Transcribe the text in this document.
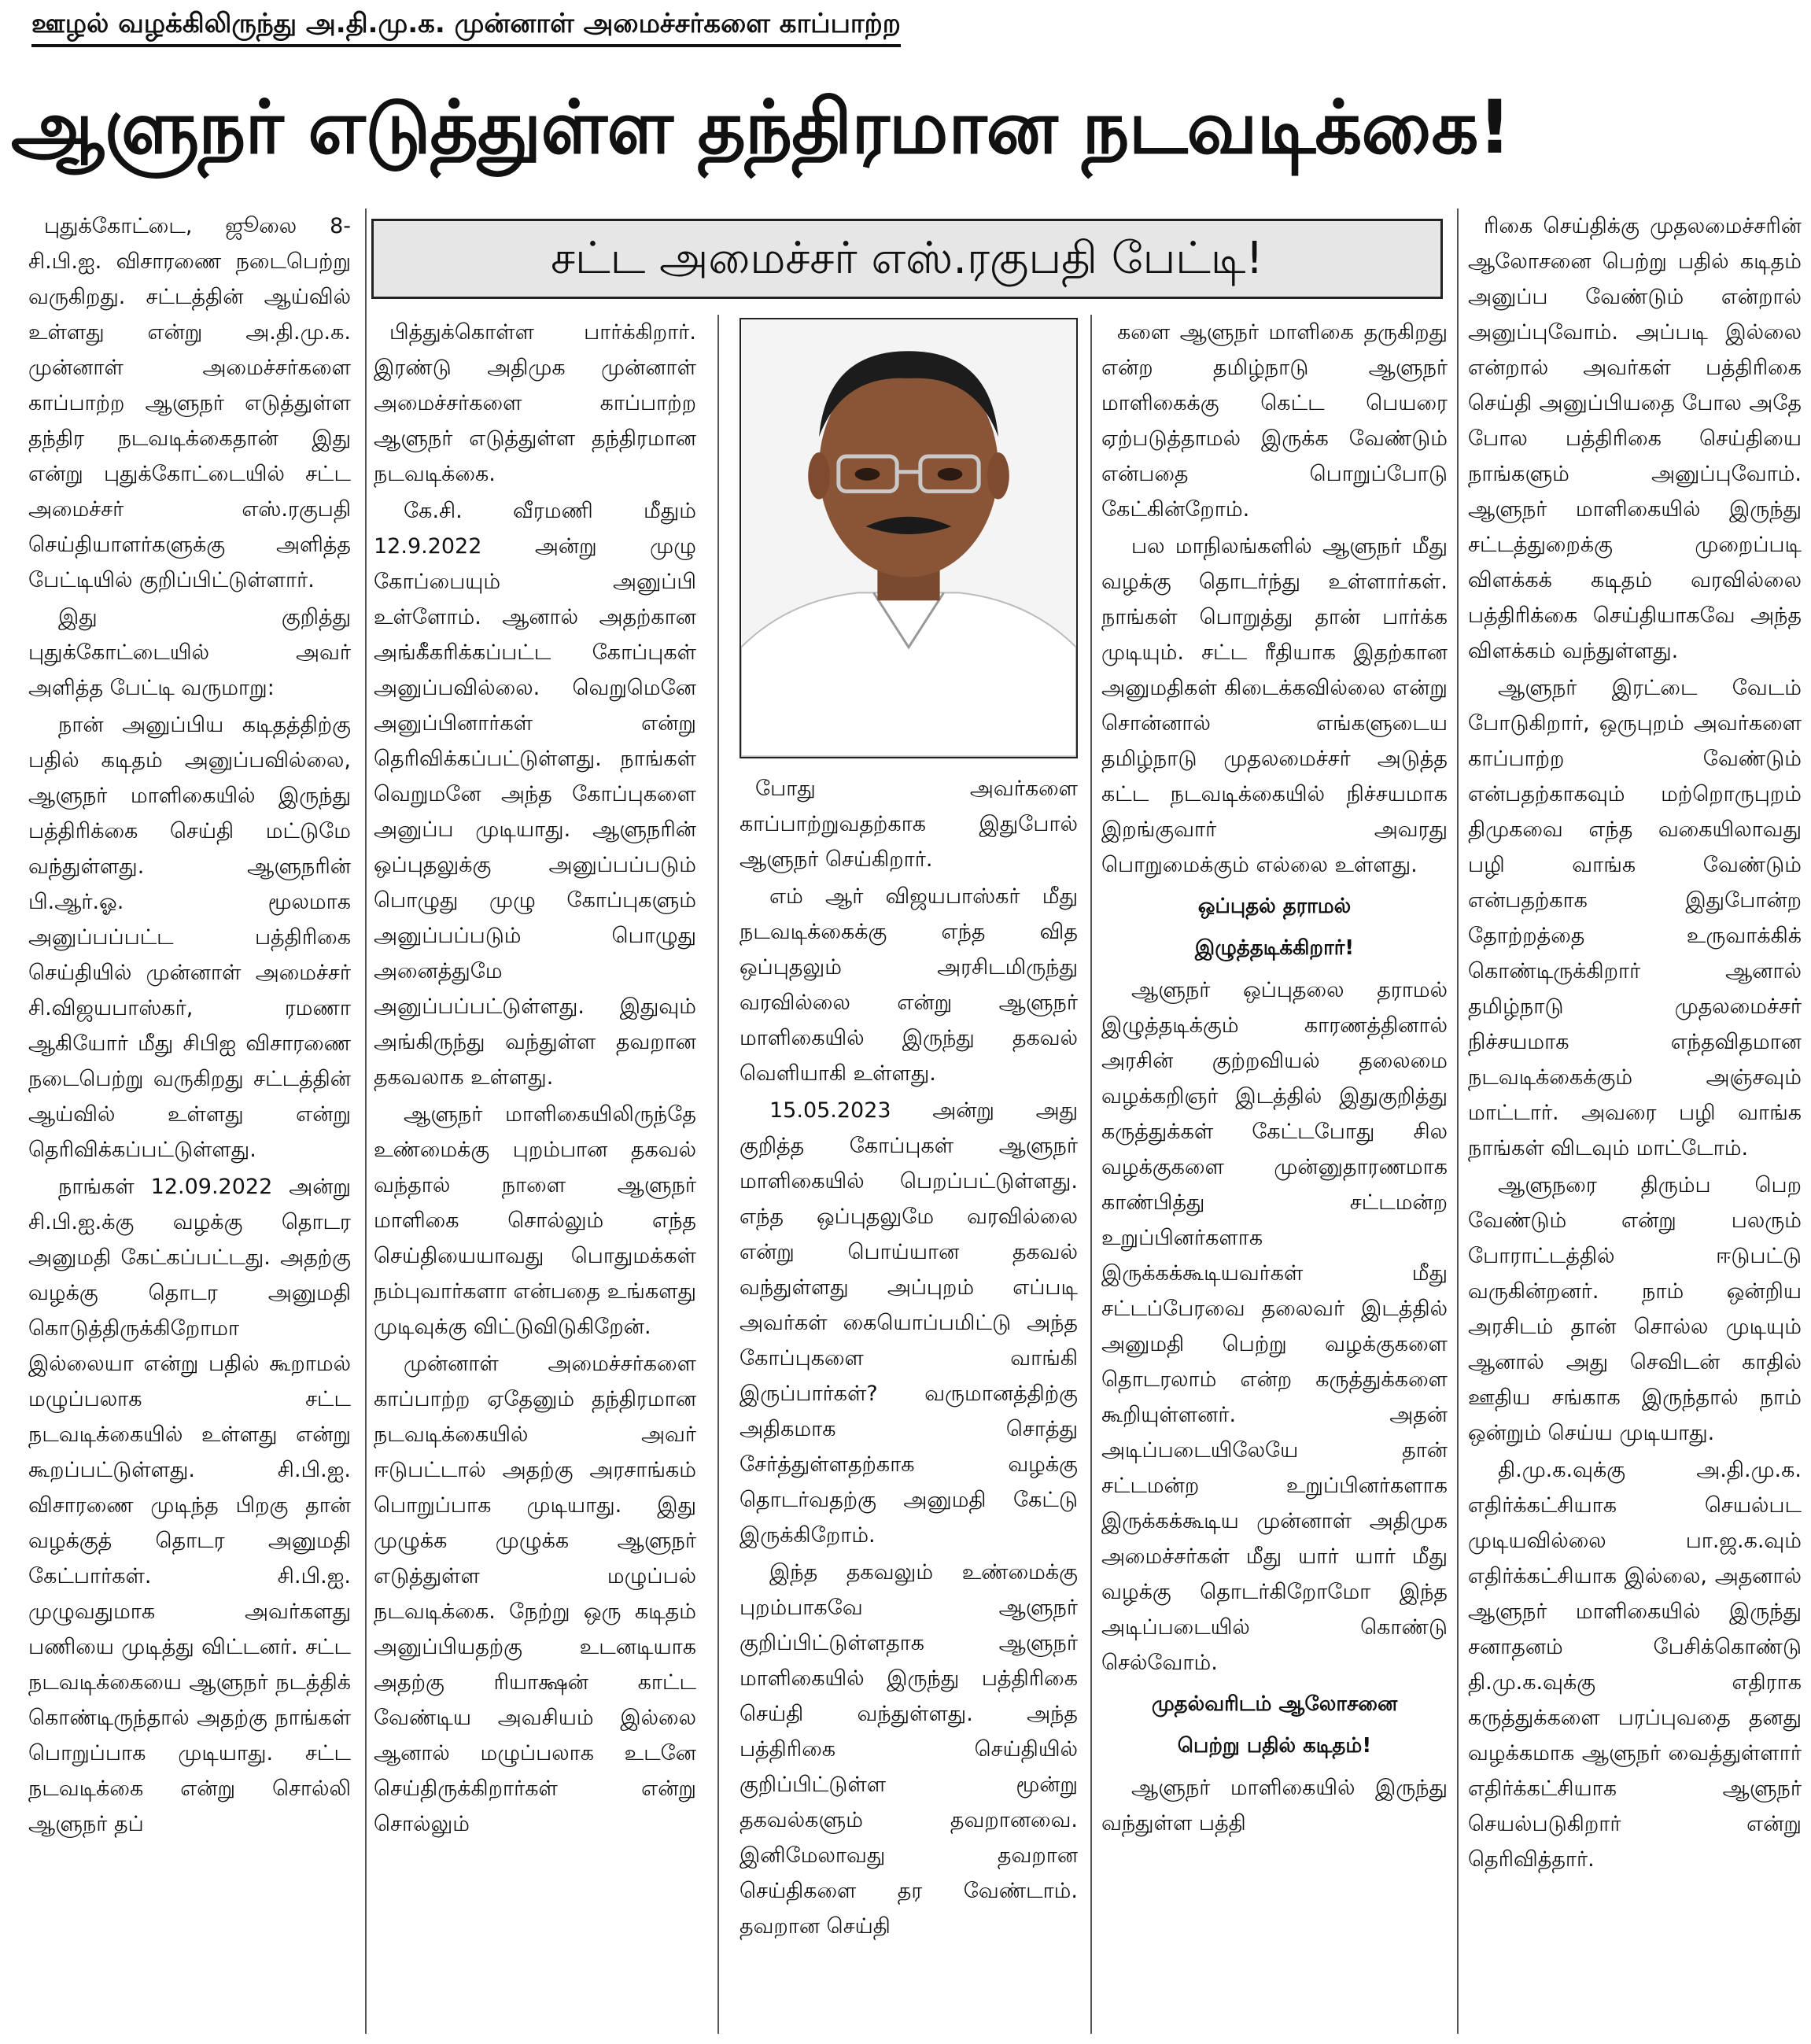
ஊழல் வழக்கிலிருந்து அ.தி.மு.க. முன்னாள் அமைச்சர்களை காப்பாற்ற
ஆளுநர் எடுத்துள்ள தந்திரமான நடவடிக்கை!
சட்ட அமைச்சர் எஸ்.ரகுபதி பேட்டி!

புதுக்கோட்டை, ஜூலை 8- சி.பி.ஐ. விசாரணை நடைபெற்று வருகிறது. சட்டத்தின் ஆய்வில் உள்ளது என்று அ.தி.மு.க. முன்னாள் அமைச்சர்களை காப்பாற்ற ஆளுநர் எடுத்துள்ள தந்திர நடவடிக்கைதான் இது என்று புதுக்கோட்டையில் சட்ட அமைச்சர் எஸ்.ரகுபதி செய்தியாளர்களுக்கு அளித்த பேட்டியில் குறிப்பிட்டுள்ளார்.

இது குறித்து புதுக்கோட்டையில் அவர் அளித்த பேட்டி வருமாறு:

நான் அனுப்பிய கடிதத்திற்கு பதில் கடிதம் அனுப்பவில்லை, ஆளுநர் மாளிகையில் இருந்து பத்திரிக்கை செய்தி மட்டுமே வந்துள்ளது. ஆளுநரின் பி.ஆர்.ஓ. மூலமாக அனுப்பப்பட்ட பத்திரிகை செய்தியில் முன்னாள் அமைச்சர் சி.விஜயபாஸ்கர், ரமணா ஆகியோர் மீது சிபிஐ விசாரணை நடைபெற்று வருகிறது சட்டத்தின் ஆய்வில் உள்ளது என்று தெரிவிக்கப்பட்டுள்ளது.

நாங்கள் 12.09.2022 அன்று சி.பி.ஐ.க்கு வழக்கு தொடர அனுமதி கேட்கப்பட்டது. அதற்கு வழக்கு தொடர அனுமதி கொடுத்திருக்கிறோமா இல்லையா என்று பதில் கூறாமல் மழுப்பலாக சட்ட நடவடிக்கையில் உள்ளது என்று கூறப்பட்டுள்ளது. சி.பி.ஐ. விசாரணை முடிந்த பிறகு தான் வழக்குத் தொடர அனுமதி கேட்பார்கள். சி.பி.ஐ. முழுவதுமாக அவர்களது பணியை முடித்து விட்டனர். சட்ட நடவடிக்கையை ஆளுநர் நடத்திக் கொண்டிருந்தால் அதற்கு நாங்கள் பொறுப்பாக முடியாது. சட்ட நடவடிக்கை என்று சொல்லி ஆளுநர் தப்

பித்துக்கொள்ள பார்க்கிறார். இரண்டு அதிமுக முன்னாள் அமைச்சர்களை காப்பாற்ற ஆளுநர் எடுத்துள்ள தந்திரமான நடவடிக்கை.

கே.சி. வீரமணி மீதும் 12.9.2022 அன்று முழு கோப்பையும் அனுப்பி உள்ளோம். ஆனால் அதற்கான அங்கீகரிக்கப்பட்ட கோப்புகள் அனுப்பவில்லை. வெறுமெனே அனுப்பினார்கள் என்று தெரிவிக்கப்பட்டுள்ளது. நாங்கள் வெறுமனே அந்த கோப்புகளை அனுப்ப முடியாது. ஆளுநரின் ஒப்புதலுக்கு அனுப்பப்படும் பொழுது முழு கோப்புகளும் அனுப்பப்படும் பொழுது அனைத்துமே அனுப்பப்பட்டுள்ளது. இதுவும் அங்கிருந்து வந்துள்ள தவறான தகவலாக உள்ளது.

ஆளுநர் மாளிகையிலிருந்தே உண்மைக்கு புறம்பான தகவல் வந்தால் நாளை ஆளுநர் மாளிகை சொல்லும் எந்த செய்தியையாவது பொதுமக்கள் நம்புவார்களா என்பதை உங்களது முடிவுக்கு விட்டுவிடுகிறேன்.

முன்னாள் அமைச்சர்களை காப்பாற்ற ஏதேனும் தந்திரமான நடவடிக்கையில் அவர் ஈடுபட்டால் அதற்கு அரசாங்கம் பொறுப்பாக முடியாது. இது முழுக்க முழுக்க ஆளுநர் எடுத்துள்ள மழுப்பல் நடவடிக்கை. நேற்று ஒரு கடிதம் அனுப்பியதற்கு உடனடியாக அதற்கு ரியாக்ஷன் காட்ட வேண்டிய அவசியம் இல்லை ஆனால் மழுப்பலாக உடனே செய்திருக்கிறார்கள் என்று சொல்லும்

போது அவர்களை காப்பாற்றுவதற்காக இதுபோல் ஆளுநர் செய்கிறார்.

எம் ஆர் விஜயபாஸ்கர் மீது நடவடிக்கைக்கு எந்த வித ஒப்புதலும் அரசிடமிருந்து வரவில்லை என்று ஆளுநர் மாளிகையில் இருந்து தகவல் வெளியாகி உள்ளது.

15.05.2023 அன்று அது குறித்த கோப்புகள் ஆளுநர் மாளிகையில் பெறப்பட்டுள்ளது. எந்த ஒப்புதலுமே வரவில்லை என்று பொய்யான தகவல் வந்துள்ளது அப்புறம் எப்படி அவர்கள் கையொப்பமிட்டு அந்த கோப்புகளை வாங்கி இருப்பார்கள்? வருமானத்திற்கு அதிகமாக சொத்து சேர்த்துள்ளதற்காக வழக்கு தொடர்வதற்கு அனுமதி கேட்டு இருக்கிறோம்.

இந்த தகவலும் உண்மைக்கு புறம்பாகவே ஆளுநர் குறிப்பிட்டுள்ளதாக ஆளுநர் மாளிகையில் இருந்து பத்திரிகை செய்தி வந்துள்ளது. அந்த பத்திரிகை செய்தியில் குறிப்பிட்டுள்ள மூன்று தகவல்களும் தவறானவை. இனிமேலாவது தவறான செய்திகளை தர வேண்டாம். தவறான செய்தி

களை ஆளுநர் மாளிகை தருகிறது என்ற தமிழ்நாடு ஆளுநர் மாளிகைக்கு கெட்ட பெயரை ஏற்படுத்தாமல் இருக்க வேண்டும் என்பதை பொறுப்போடு கேட்கின்றோம்.

பல மாநிலங்களில் ஆளுநர் மீது வழக்கு தொடர்ந்து உள்ளார்கள். நாங்கள் பொறுத்து தான் பார்க்க முடியும். சட்ட ரீதியாக இதற்கான அனுமதிகள் கிடைக்கவில்லை என்று சொன்னால் எங்களுடைய தமிழ்நாடு முதலமைச்சர் அடுத்த கட்ட நடவடிக்கையில் நிச்சயமாக இறங்குவார் அவரது பொறுமைக்கும் எல்லை உள்ளது.

ஒப்புதல் தராமல்

இழுத்தடிக்கிறார்!

ஆளுநர் ஒப்புதலை தராமல் இழுத்தடிக்கும் காரணத்தினால் அரசின் குற்றவியல் தலைமை வழக்கறிஞர் இடத்தில் இதுகுறித்து கருத்துக்கள் கேட்டபோது சில வழக்குகளை முன்னுதாரணமாக காண்பித்து சட்டமன்ற உறுப்பினர்களாக இருக்கக்கூடியவர்கள் மீது சட்டப்பேரவை தலைவர் இடத்தில் அனுமதி பெற்று வழக்குகளை தொடரலாம் என்ற கருத்துக்களை கூறியுள்ளனர். அதன் அடிப்படையிலேயே தான் சட்டமன்ற உறுப்பினர்களாக இருக்கக்கூடிய முன்னாள் அதிமுக அமைச்சர்கள் மீது யார் யார் மீது வழக்கு தொடர்கிறோமோ இந்த அடிப்படையில் கொண்டு செல்வோம்.

முதல்வரிடம் ஆலோசனை

பெற்று பதில் கடிதம்!

ஆளுநர் மாளிகையில் இருந்து வந்துள்ள பத்தி

ரிகை செய்திக்கு முதலமைச்சரின் ஆலோசனை பெற்று பதில் கடிதம் அனுப்ப வேண்டும் என்றால் அனுப்புவோம். அப்படி இல்லை என்றால் அவர்கள் பத்திரிகை செய்தி அனுப்பியதை போல அதே போல பத்திரிகை செய்தியை நாங்களும் அனுப்புவோம். ஆளுநர் மாளிகையில் இருந்து சட்டத்துறைக்கு முறைப்படி விளக்கக் கடிதம் வரவில்லை பத்திரிக்கை செய்தியாகவே அந்த விளக்கம் வந்துள்ளது.

ஆளுநர் இரட்டை வேடம் போடுகிறார், ஒருபுறம் அவர்களை காப்பாற்ற வேண்டும் என்பதற்காகவும் மற்றொருபுறம் திமுகவை எந்த வகையிலாவது பழி வாங்க வேண்டும் என்பதற்காக இதுபோன்ற தோற்றத்தை உருவாக்கிக் கொண்டிருக்கிறார் ஆனால் தமிழ்நாடு முதலமைச்சர் நிச்சயமாக எந்தவிதமான நடவடிக்கைக்கும் அஞ்சவும் மாட்டார். அவரை பழி வாங்க நாங்கள் விடவும் மாட்டோம்.

ஆளுநரை திரும்ப பெற வேண்டும் என்று பலரும் போராட்டத்தில் ஈடுபட்டு வருகின்றனர். நாம் ஒன்றிய அரசிடம் தான் சொல்ல முடியும் ஆனால் அது செவிடன் காதில் ஊதிய சங்காக இருந்தால் நாம் ஒன்றும் செய்ய முடியாது.

தி.மு.க.வுக்கு அ.தி.மு.க. எதிர்க்கட்சியாக செயல்பட முடியவில்லை பா.ஜ.க.வும் எதிர்க்கட்சியாக இல்லை, அதனால் ஆளுநர் மாளிகையில் இருந்து சனாதனம் பேசிக்கொண்டு தி.மு.க.வுக்கு எதிராக கருத்துக்களை பரப்புவதை தனது வழக்கமாக ஆளுநர் வைத்துள்ளார் எதிர்க்கட்சியாக ஆளுநர் செயல்படுகிறார் என்று தெரிவித்தார்.
